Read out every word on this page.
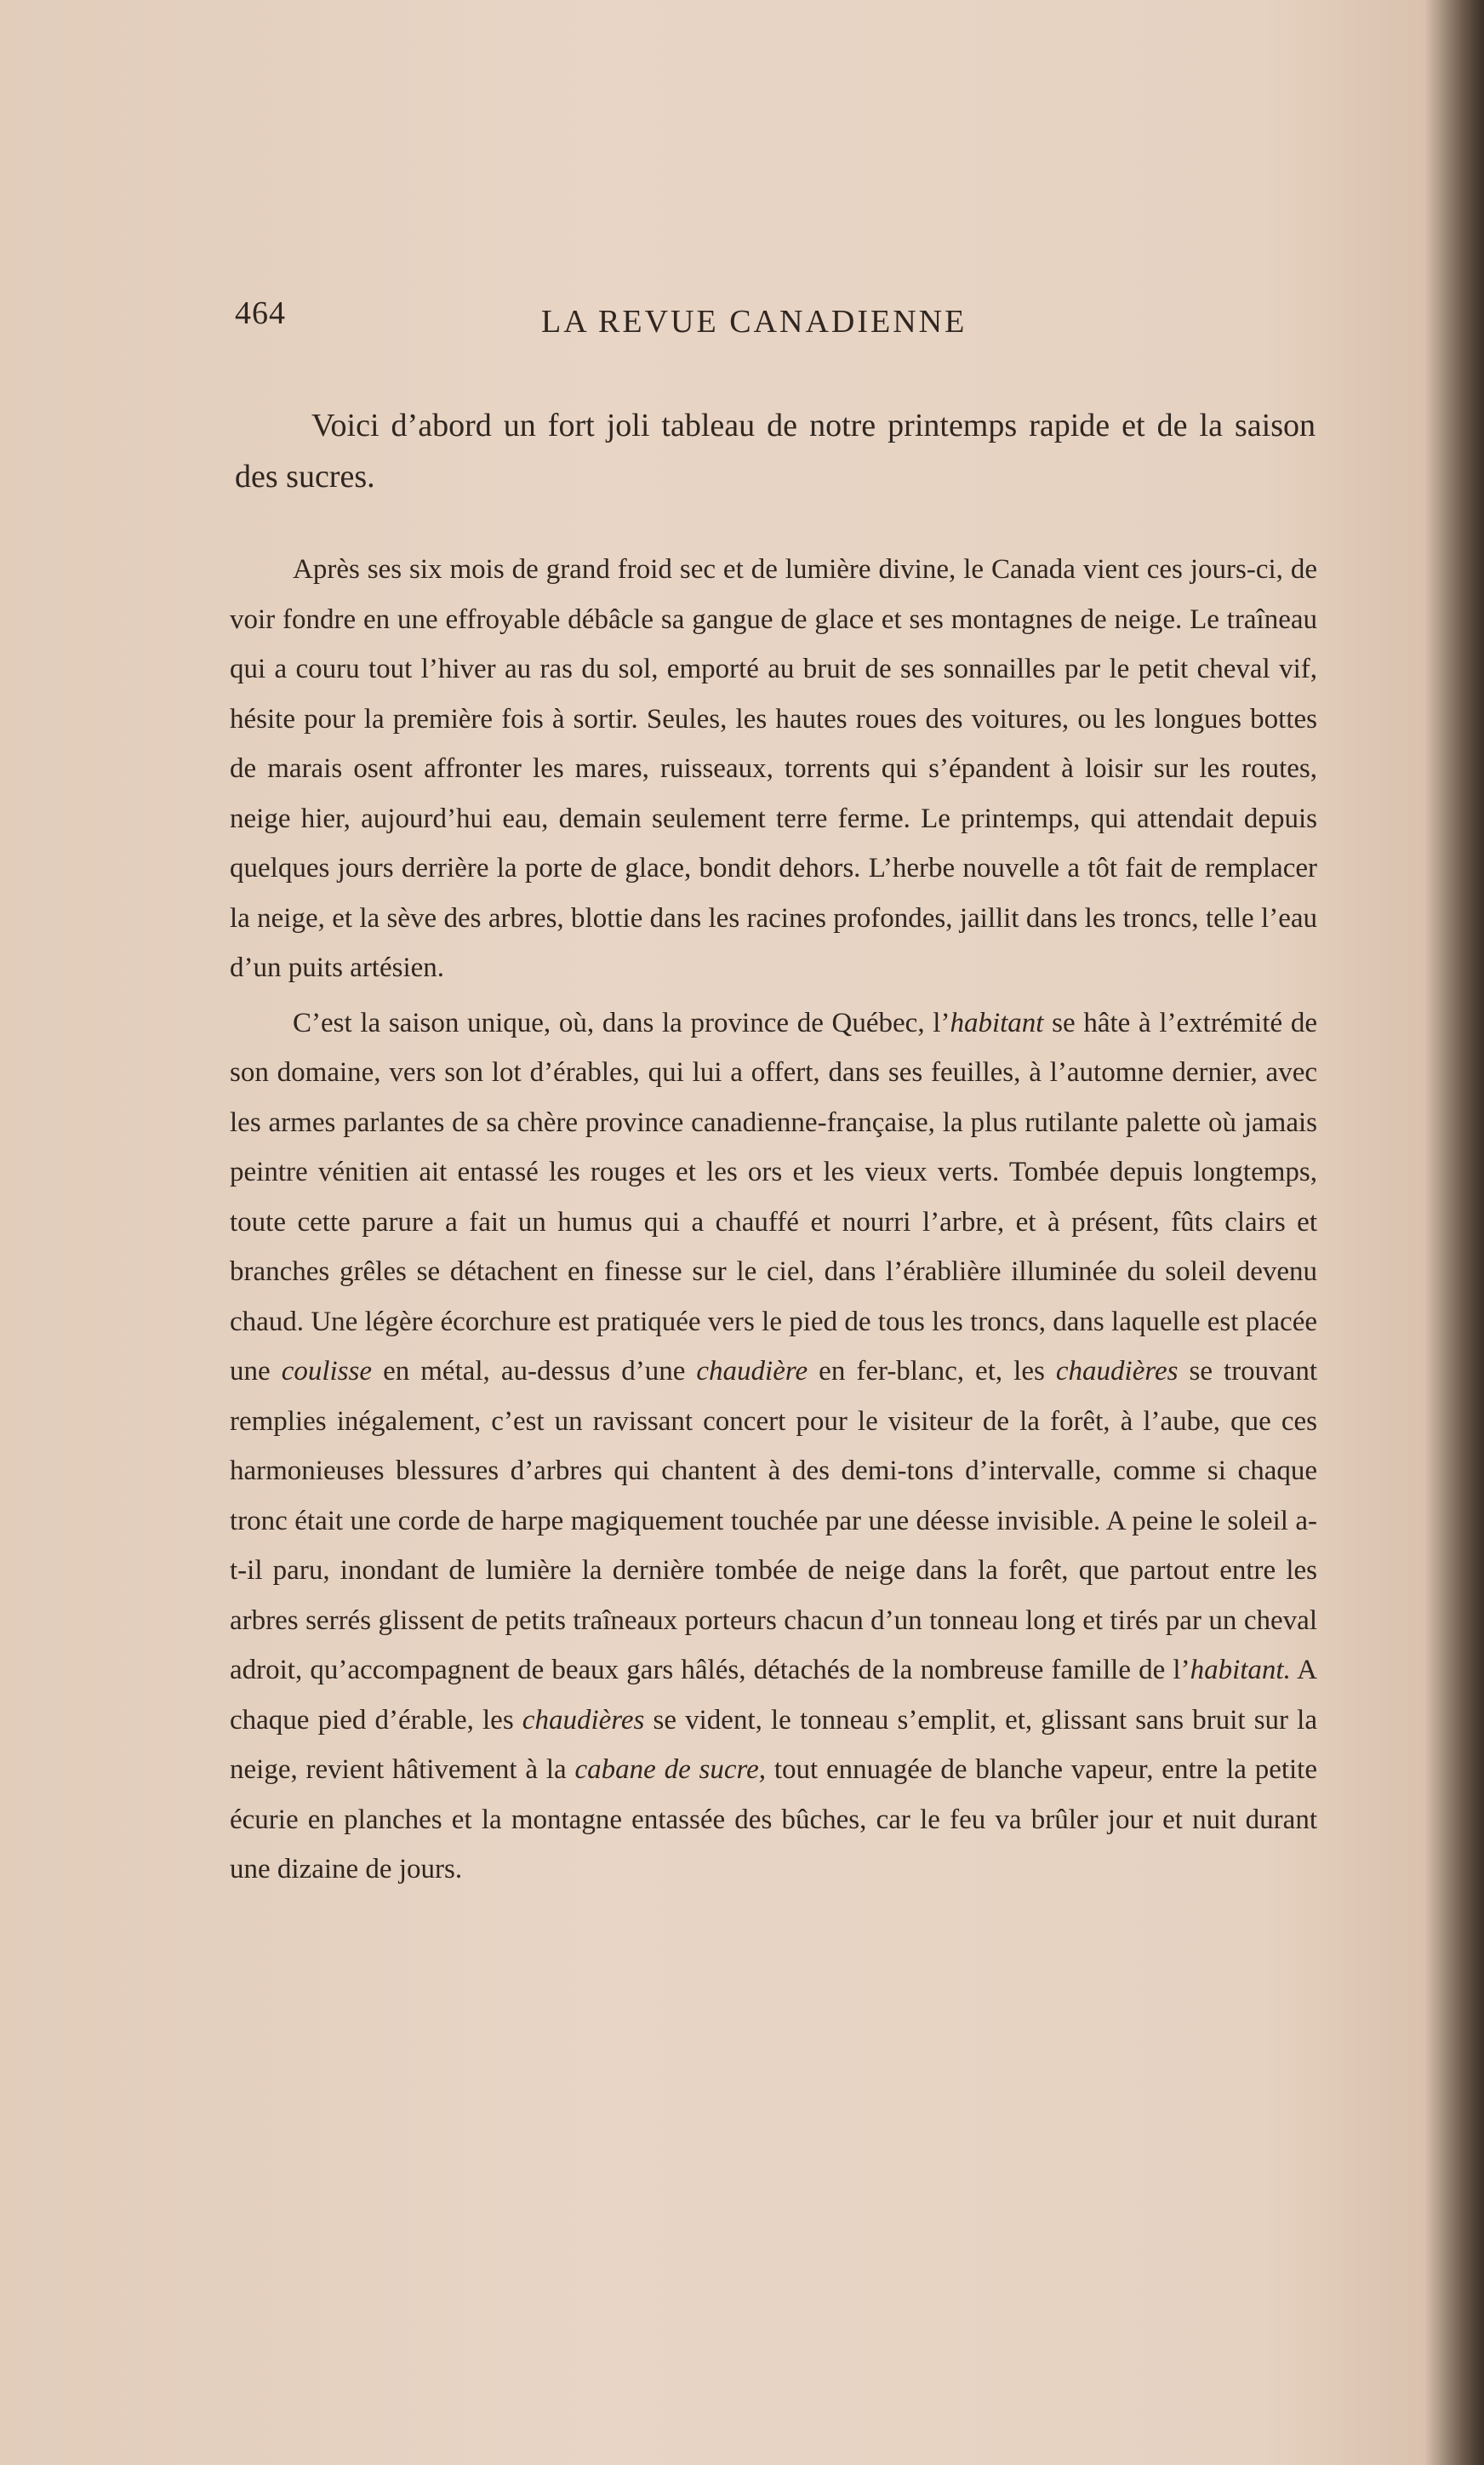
464	LA REVUE CANADIENNE
Voici d’abord un fort joli tableau de notre printemps rapide et de la saison des sucres.

Après ses six mois de grand froid sec et de lumière divine, le Canada vient ces jours-ci, de voir fondre en une effroyable débâcle sa gangue de glace et ses montagnes de neige. Le traîneau qui a couru tout l’hiver au ras du sol, emporté au bruit de ses sonnailles par le petit cheval vif, hésite pour la première fois à sortir. Seules, les hautes roues des voitures, ou les longues bottes de marais osent affronter les mares, ruisseaux, torrents qui s’épandent à loisir sur les routes, neige hier, aujourd’hui eau, demain seulement terre ferme. Le printemps, qui attendait depuis quelques jours derrière la porte de glace, bondit dehors. L’herbe nouvelle a tôt fait de remplacer la neige, et la sève des arbres, blottie dans les racines profondes, jaillit dans les troncs, telle l’eau d’un puits artésien.

C’est la saison unique, où, dans la province de Québec, l’habitant se hâte à l’extrémité de son domaine, vers son lot d’érables, qui lui a offert, dans ses feuilles, à l’automne dernier, avec les armes parlantes de sa chère province canadienne-française, la plus rutilante palette où jamais peintre vénitien ait entassé les rouges et les ors et les vieux verts. Tombée depuis longtemps, toute cette parure a fait un humus qui a chauffé et nourri l’arbre, et à présent, fûts clairs et branches grêles se détachent en finesse sur le ciel, dans l’érablière illuminée du soleil devenu chaud. Une légère écorchure est pratiquée vers le pied de tous les troncs, dans laquelle est placée une coulisse en métal, au-dessus d’une chaudière en fer-blanc, et, les chaudières se trouvant remplies inégalement, c’est un ravissant concert pour le visiteur de la forêt, à l’aube, que ces harmonieuses blessures d’arbres qui chantent à des demi-tons d’intervalle, comme si chaque tronc était une corde de harpe magiquement touchée par une déesse invisible. A peine le soleil a-t-il paru, inondant de lumière la dernière tombée de neige dans la forêt, que partout entre les arbres serrés glissent de petits traîneaux porteurs chacun d’un tonneau long et tirés par un cheval adroit, qu’accompagnent de beaux gars hâlés, détachés de la nombreuse famille de l’habitant. A chaque pied d’érable, les chaudières se vident, le tonneau s’emplit, et, glissant sans bruit sur la neige, revient hâtivement à la cabane de sucre, tout ennuagée de blanche vapeur, entre la petite écurie en planches et la montagne entassée des bûches, car le feu va brûler jour et nuit durant une dizaine de jours.
